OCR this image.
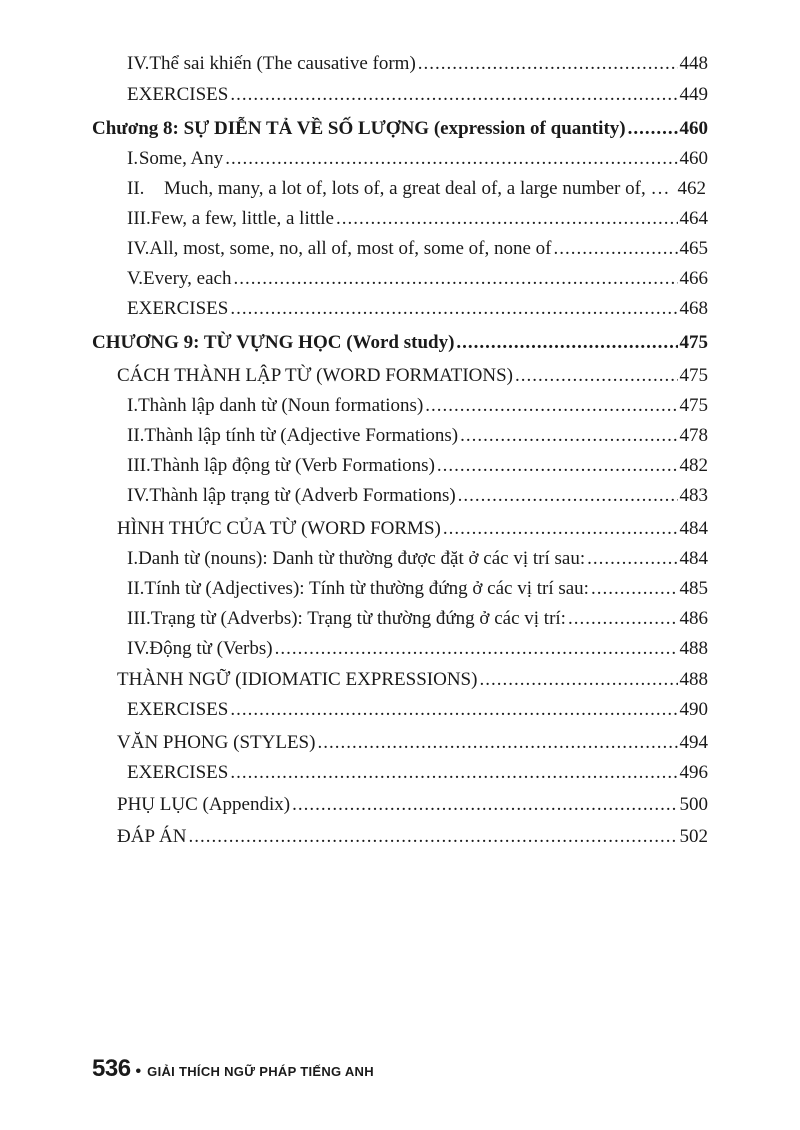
IV. Thể sai khiến (The causative form) .....	448
EXERCISES .....	449
Chương 8: SỰ DIỄN TẢ VỀ SỐ LƯỢNG (expression of quantity) .....	460
I. Some, Any .....	460
II.	Much, many, a lot of, lots of, a great deal of, a large number of, … 462
III. Few, a few, little, a little .....	464
IV. All, most, some, no, all of, most of, some of, none of .....	465
V. Every, each .....	466
EXERCISES .....	468
CHƯƠNG 9: TỪ VỰNG HỌC (Word study) .....	475
CÁCH THÀNH LẬP TỪ (WORD FORMATIONS) .....	475
I. Thành lập danh từ (Noun formations) .....	475
II. Thành lập tính từ (Adjective Formations) .....	478
III. Thành lập động từ (Verb Formations) .....	482
IV. Thành lập trạng từ (Adverb Formations) .....	483
HÌNH THỨC CỦA TỪ (WORD FORMS) .....	484
I. Danh từ (nouns): Danh từ thường được đặt ở các vị trí sau: .....	484
II. Tính từ (Adjectives): Tính từ thường đứng ở các vị trí sau: .....	485
III. Trạng từ (Adverbs): Trạng từ thường đứng ở các vị trí: .....	486
IV. Động từ (Verbs) .....	488
THÀNH NGỮ (IDIOMATIC EXPRESSIONS) .....	488
EXERCISES .....	490
VĂN PHONG (STYLES) .....	494
EXERCISES .....	496
PHỤ LỤC (Appendix) .....	500
ĐÁP ÁN .....	502
536 • GIẢI THÍCH NGỮ PHÁP TIẾNG ANH
